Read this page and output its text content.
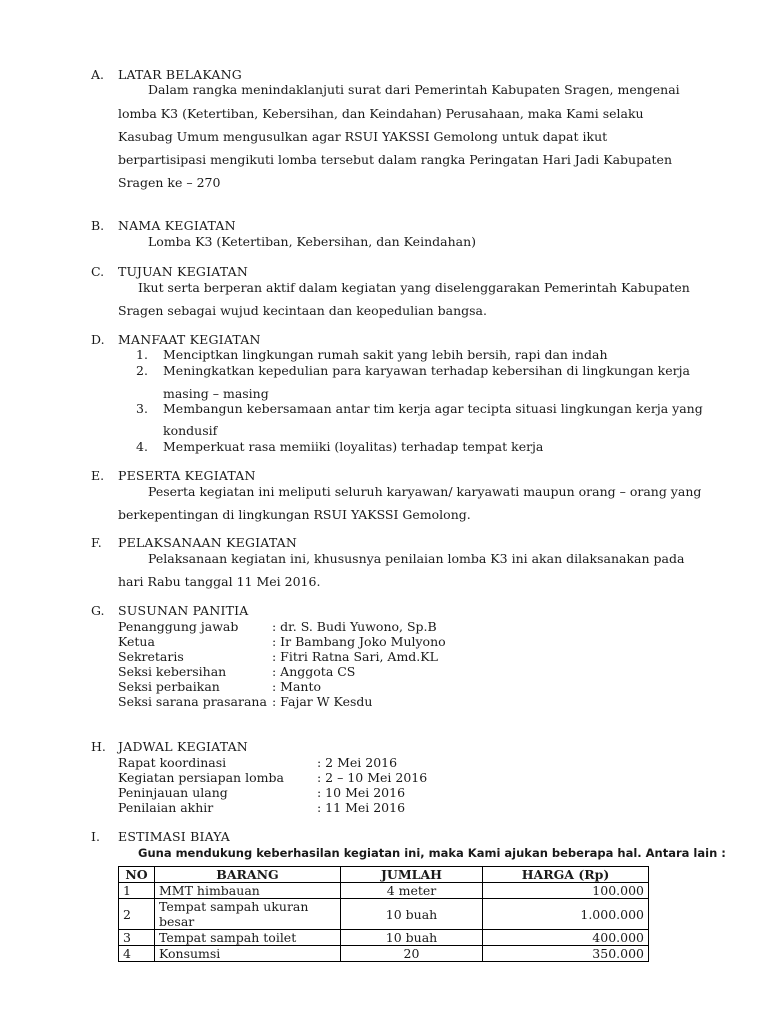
A. LATAR BELAKANG
Dalam rangka menindaklanjuti surat dari Pemerintah Kabupaten Sragen, mengenai
lomba K3 (Ketertiban, Kebersihan, dan Keindahan) Perusahaan, maka Kami selaku
Kasubag Umum mengusulkan agar RSUI YAKSSI Gemolong untuk dapat ikut
berpartisipasi mengikuti lomba tersebut dalam rangka Peringatan Hari Jadi Kabupaten
Sragen ke – 270
B. NAMA KEGIATAN
Lomba K3 (Ketertiban, Kebersihan, dan Keindahan)
C. TUJUAN KEGIATAN
Ikut serta berperan aktif dalam kegiatan yang diselenggarakan Pemerintah Kabupaten
Sragen sebagai wujud kecintaan dan keopedulian bangsa.
D. MANFAAT KEGIATAN
1. Menciptkan lingkungan rumah sakit yang lebih bersih, rapi dan indah
2. Meningkatkan kepedulian para karyawan terhadap kebersihan di lingkungan kerja
masing – masing
3. Membangun kebersamaan antar tim kerja agar tecipta situasi lingkungan kerja yang
kondusif
4. Memperkuat rasa memiiki (loyalitas) terhadap tempat kerja
E. PESERTA KEGIATAN
Peserta kegiatan ini meliputi seluruh karyawan/ karyawati maupun orang – orang yang
berkepentingan di lingkungan RSUI YAKSSI Gemolong.
F. PELAKSANAAN KEGIATAN
Pelaksanaan kegiatan ini, khususnya penilaian lomba K3 ini akan dilaksanakan pada
hari Rabu tanggal 11 Mei 2016.
G. SUSUNAN PANITIA
Penanggung jawab	: dr. S. Budi Yuwono, Sp.B
Ketua	: Ir Bambang Joko Mulyono
Sekretaris	: Fitri Ratna Sari, Amd.KL
Seksi kebersihan	: Anggota CS
Seksi perbaikan	: Manto
Seksi sarana prasarana : Fajar W Kesdu
H. JADWAL KEGIATAN
Rapat koordinasi	: 2 Mei 2016
Kegiatan persiapan lomba	: 2 – 10 Mei 2016
Peninjauan ulang	: 10 Mei 2016
Penilaian akhir	: 11 Mei 2016
I. ESTIMASI BIAYA
Guna mendukung keberhasilan kegiatan ini, maka Kami ajukan beberapa hal. Antara lain :
NO	BARANG	JUMLAH	HARGA (Rp)
1	MMT himbauan	4 meter	100.000
2	Tempat sampah ukuran besar	10 buah	1.000.000
3	Tempat sampah toilet	10 buah	400.000
4	Konsumsi	20	350.000
